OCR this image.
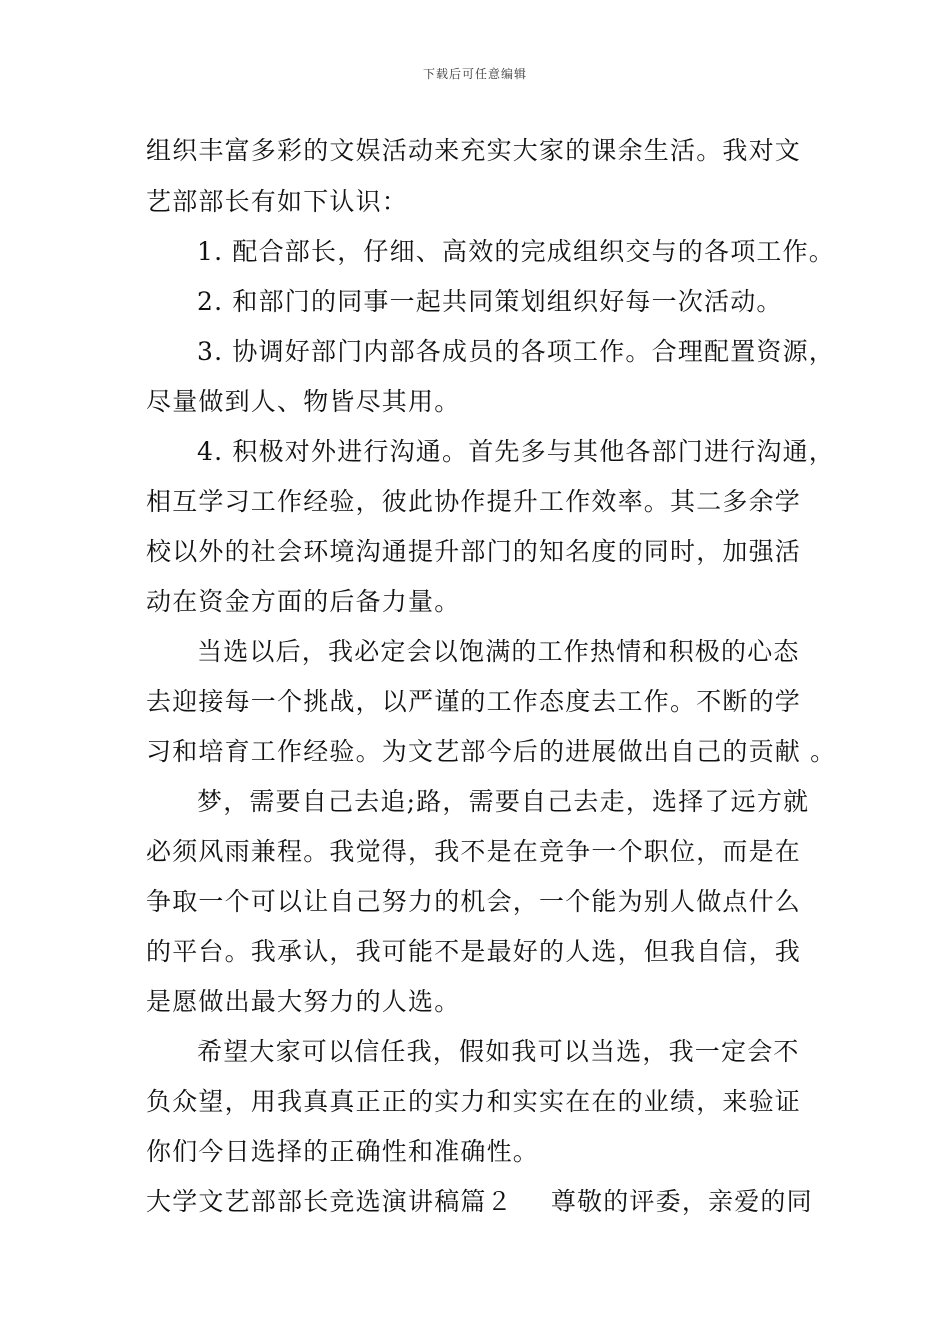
下载后可任意编辑
组织丰富多彩的文娱活动来充实大家的课余生活。我对文
艺部部长有如下认识：
1. 配合部长，仔细、高效的完成组织交与的各项工作。
2. 和部门的同事一起共同策划组织好每一次活动。
3. 协调好部门内部各成员的各项工作。合理配置资源，
尽量做到人、物皆尽其用。
4. 积极对外进行沟通。首先多与其他各部门进行沟通，
相互学习工作经验，彼此协作提升工作效率。其二多余学
校以外的社会环境沟通提升部门的知名度的同时，加强活
动在资金方面的后备力量。
当选以后，我必定会以饱满的工作热情和积极的心态
去迎接每一个挑战，以严谨的工作态度去工作。不断的学
习和培育工作经验。为文艺部今后的进展做出自己的贡献 。
梦，需要自己去追;路，需要自己去走，选择了远方就
必须风雨兼程。我觉得，我不是在竞争一个职位，而是在
争取一个可以让自己努力的机会，一个能为别人做点什么
的平台。我承认，我可能不是最好的人选，但我自信，我
是愿做出最大努力的人选。
希望大家可以信任我，假如我可以当选，我一定会不
负众望，用我真真正正的实力和实实在在的业绩，来验证
你们今日选择的正确性和准确性。
大学文艺部部长竞选演讲稿篇２ 尊敬的评委，亲爱的同
